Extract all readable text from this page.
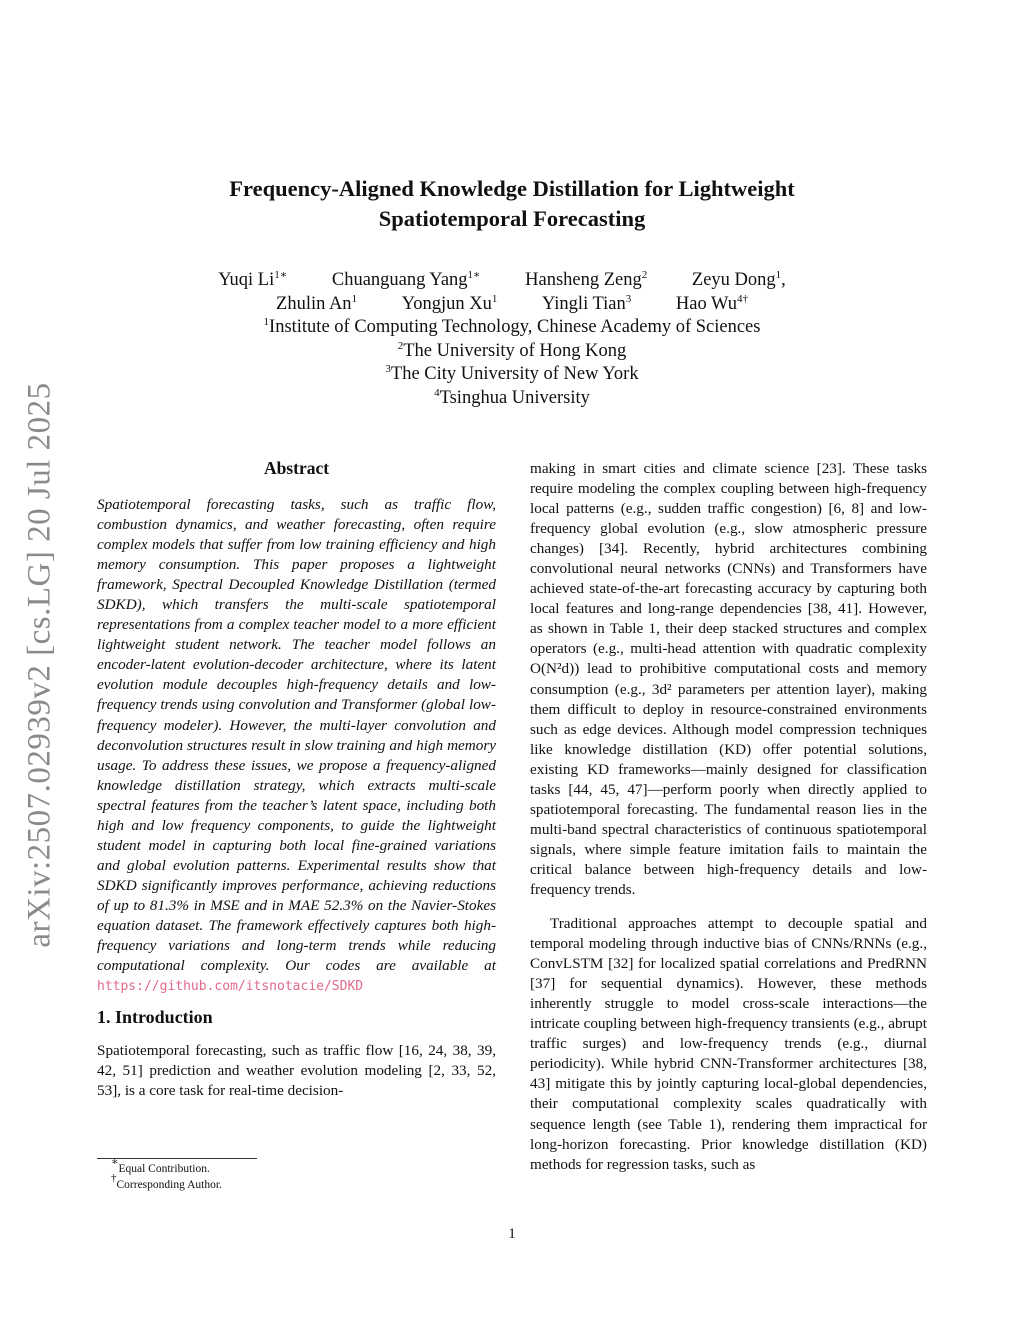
arXiv:2507.02939v2 [cs.LG] 20 Jul 2025
Frequency-Aligned Knowledge Distillation for Lightweight
Spatiotemporal Forecasting
Yuqi $Li^{1∗}$ Chuanguang Yang$^{1∗}$ Hansheng Zeng$^2$ Zeyu Dong$^1$,
Zhulin An$^1$ Yongjun Xu$^1$ Yingli Tian$^3$ Hao $Wu^{4\dagger}$
$^1$Institute of Computing Technology, Chinese Academy of Sciences
$^2$The University of Hong Kong
$^3$The City University of New York
$^4$Tsinghua University
Abstract
Spatiotemporal forecasting tasks, such as traffic flow, combustion dynamics, and weather forecasting, often require complex models that suffer from low training efficiency and high memory consumption. This paper proposes a lightweight framework, Spectral Decoupled Knowledge Distillation (termed SDKD), which transfers the multi-scale spatiotemporal representations from a complex teacher model to a more efficient lightweight student network. The teacher model follows an encoder-latent evolution-decoder architecture, where its latent evolution module decouples high-frequency details and low-frequency trends using convolution and Transformer (global low-frequency modeler). However, the multi-layer convolution and deconvolution structures result in slow training and high memory usage. To address these issues, we propose a frequency-aligned knowledge distillation strategy, which extracts multi-scale spectral features from the teacher’s latent space, including both high and low frequency components, to guide the lightweight student model in capturing both local fine-grained variations and global evolution patterns. Experimental results show that SDKD significantly improves performance, achieving reductions of up to 81.3% in MSE and in MAE 52.3% on the Navier-Stokes equation dataset. The framework effectively captures both high-frequency variations and long-term trends while reducing computational complexity. Our codes are available at https://github.com/itsnotacie/SDKD
1. Introduction
Spatiotemporal forecasting, such as traffic flow [16, 24, 38, 39, 42, 51] prediction and weather evolution modeling [2, 33, 52, 53], is a core task for real-time decision-
making in smart cities and climate science [23]. These tasks require modeling the complex coupling between high-frequency local patterns (e.g., sudden traffic congestion) [6, 8] and low-frequency global evolution (e.g., slow atmospheric pressure changes) [34]. Recently, hybrid architectures combining convolutional neural networks (CNNs) and Transformers have achieved state-of-the-art forecasting accuracy by capturing both local features and long-range dependencies [38, 41]. However, as shown in Table 1, their deep stacked structures and complex operators (e.g., multi-head attention with quadratic complexity O(N²d)) lead to prohibitive computational costs and memory consumption (e.g., 3d² parameters per attention layer), making them difficult to deploy in resource-constrained environments such as edge devices. Although model compression techniques like knowledge distillation (KD) offer potential solutions, existing KD frameworks—mainly designed for classification tasks [44, 45, 47]—perform poorly when directly applied to spatiotemporal forecasting. The fundamental reason lies in the multi-band spectral characteristics of continuous spatiotemporal signals, where simple feature imitation fails to maintain the critical balance between high-frequency details and low-frequency trends.
Traditional approaches attempt to decouple spatial and temporal modeling through inductive bias of CNNs/RNNs (e.g., ConvLSTM [32] for localized spatial correlations and PredRNN [37] for sequential dynamics). However, these methods inherently struggle to model cross-scale interactions—the intricate coupling between high-frequency transients (e.g., abrupt traffic surges) and low-frequency trends (e.g., diurnal periodicity). While hybrid CNN-Transformer architectures [38, 43] mitigate this by jointly capturing local-global dependencies, their computational complexity scales quadratically with sequence length (see Table 1), rendering them impractical for long-horizon forecasting. Prior knowledge distillation (KD) methods for regression tasks, such as
∗Equal Contribution.
†Corresponding Author.
1
